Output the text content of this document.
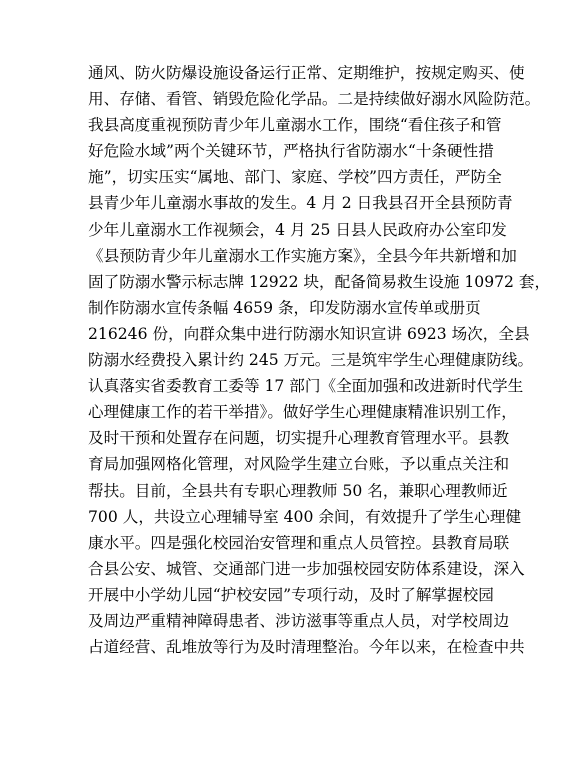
通风、防火防爆设施设备运行正常、定期维护，按规定购买、使
用、存储、看管、销毁危险化学品。二是持续做好溺水风险防范。
我县高度重视预防青少年儿童溺水工作，围绕“看住孩子和管
好危险水域”两个关键环节，严格执行省防溺水“十条硬性措
施”，切实压实“属地、部门、家庭、学校”四方责任，严防全
县青少年儿童溺水事故的发生。4 月 2 日我县召开全县预防青
少年儿童溺水工作视频会，4 月 25 日县人民政府办公室印发
《县预防青少年儿童溺水工作实施方案》，全县今年共新增和加
固了防溺水警示标志牌 12922 块，配备简易救生设施 10972 套，
制作防溺水宣传条幅 4659 条，印发防溺水宣传单或册页
216246 份，向群众集中进行防溺水知识宣讲 6923 场次，全县
防溺水经费投入累计约 245 万元。三是筑牢学生心理健康防线。
认真落实省委教育工委等 17 部门《全面加强和改进新时代学生
心理健康工作的若干举措》。做好学生心理健康精准识别工作，
及时干预和处置存在问题，切实提升心理教育管理水平。县教
育局加强网格化管理，对风险学生建立台账，予以重点关注和
帮扶。目前，全县共有专职心理教师 50 名，兼职心理教师近
700 人，共设立心理辅导室 400 余间，有效提升了学生心理健
康水平。四是强化校园治安管理和重点人员管控。县教育局联
合县公安、城管、交通部门进一步加强校园安防体系建设，深入
开展中小学幼儿园“护校安园”专项行动，及时了解掌握校园
及周边严重精神障碍患者、涉访滋事等重点人员，对学校周边
占道经营、乱堆放等行为及时清理整治。今年以来，在检查中共
